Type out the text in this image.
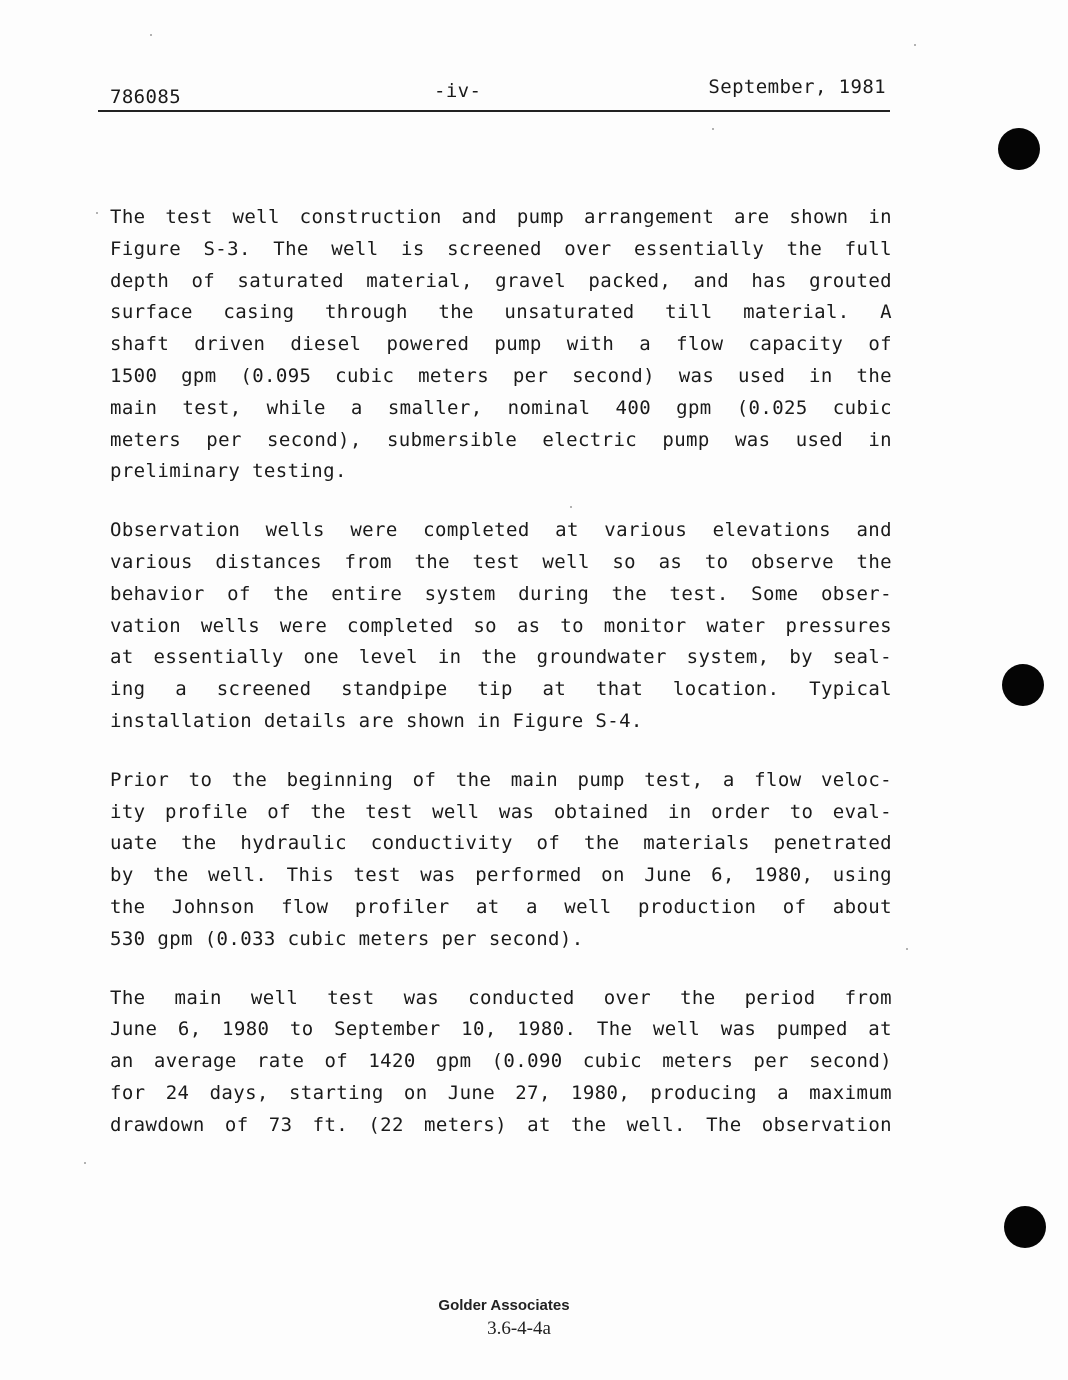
786085	-iv-	September, 1981

The test well construction and pump arrangement are shown in
Figure S-3. The well is screened over essentially the full
depth of saturated material, gravel packed, and has grouted
surface casing through the unsaturated till material. A
shaft driven diesel powered pump with a flow capacity of
1500 gpm (0.095 cubic meters per second) was used in the
main test, while a smaller, nominal 400 gpm (0.025 cubic
meters per second), submersible electric pump was used in
preliminary testing.

Observation wells were completed at various elevations and
various distances from the test well so as to observe the
behavior of the entire system during the test. Some obser-
vation wells were completed so as to monitor water pressures
at essentially one level in the groundwater system, by seal-
ing a screened standpipe tip at that location. Typical
installation details are shown in Figure S-4.

Prior to the beginning of the main pump test, a flow veloc-
ity profile of the test well was obtained in order to eval-
uate the hydraulic conductivity of the materials penetrated
by the well. This test was performed on June 6, 1980, using
the Johnson flow profiler at a well production of about
530 gpm (0.033 cubic meters per second).

The main well test was conducted over the period from
June 6, 1980 to September 10, 1980. The well was pumped at
an average rate of 1420 gpm (0.090 cubic meters per second)
for 24 days, starting on June 27, 1980, producing a maximum
drawdown of 73 ft. (22 meters) at the well. The observation

Golder Associates
3.6-4-4a
